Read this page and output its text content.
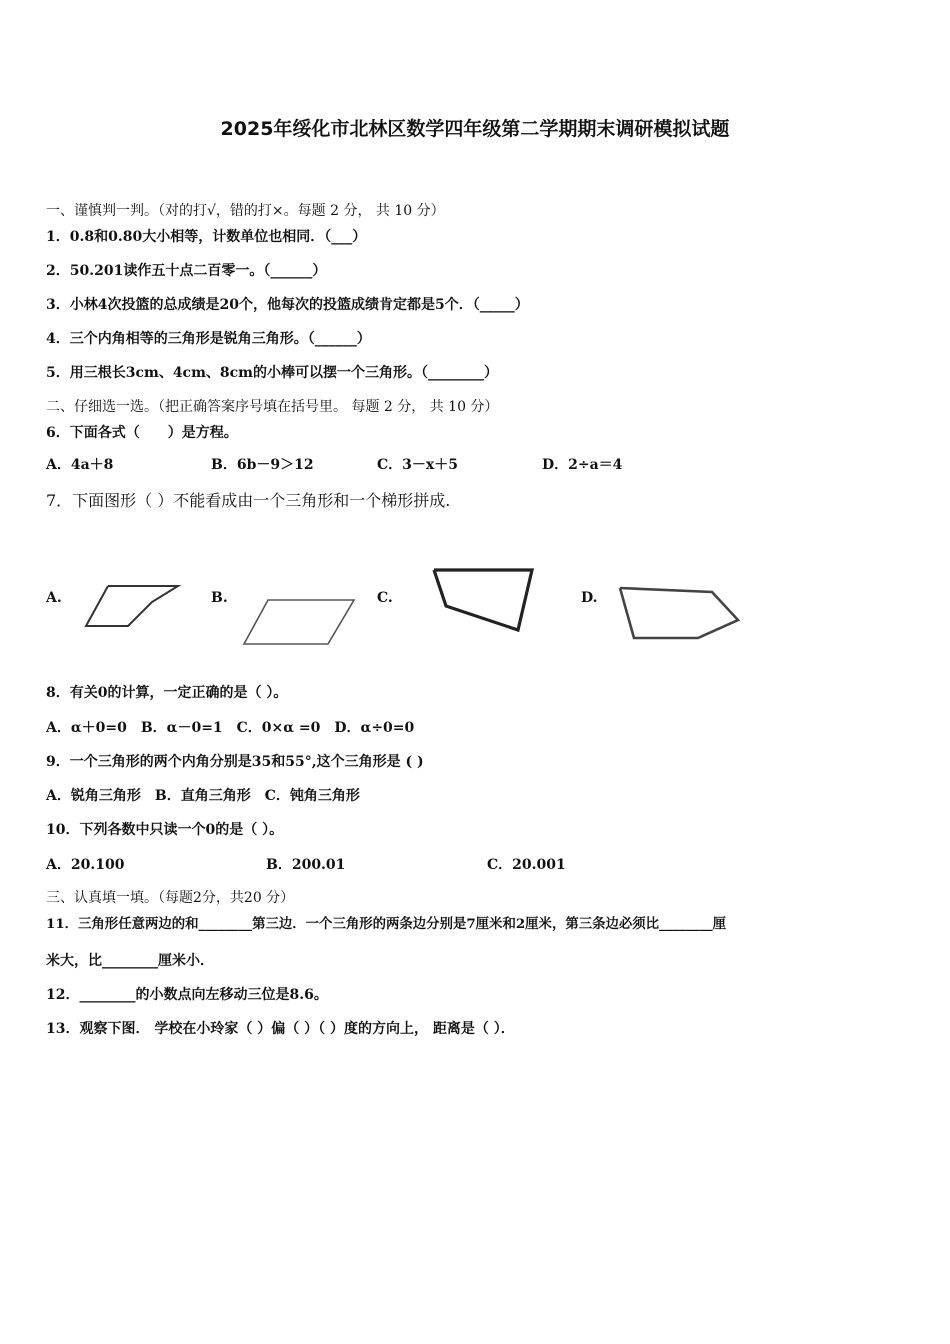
2025年绥化市北林区数学四年级第二学期期末调研模拟试题
一、谨慎判一判。（对的打√，错的打×。每题 2 分， 共 10 分）
1．0.8和0.80大小相等，计数单位也相同．（___）
2．50.201读作五十点二百零一。（______）
3．小林4次投篮的总成绩是20个，他每次的投篮成绩肯定都是5个．（_____）
4．三个内角相等的三角形是锐角三角形。（______）
5．用三根长3cm、4cm、8cm的小棒可以摆一个三角形。（________）
二、仔细选一选。（把正确答案序号填在括号里。 每题 2 分， 共 10 分）
6．下面各式（　　）是方程。
A．4a＋8	B．6b－9＞12	C．3－x＋5	D．2÷a＝4
7．下面图形（ ）不能看成由一个三角形和一个梯形拼成.
A.	B.	C.	D.
8．有关0的计算，一定正确的是（ ）。
A．α＋0=0　B．α－0=1　C．0×α =0　D．α÷0=0
9．一个三角形的两个内角分别是35和55°,这个三角形是 ( )
A．锐角三角形　B．直角三角形　C．钝角三角形
10．下列各数中只读一个0的是（ ）。
A．20.100	B．200.01	C．20.001
三、认真填一填。（每题2分，共20 分）
11．三角形任意两边的和________第三边．一个三角形的两条边分别是7厘米和2厘米，第三条边必须比________厘
米大，比________厘米小．
12．________的小数点向左移动三位是8.6。
13．观察下图． 学校在小玲家（ ）偏（ ）（ ）度的方向上， 距离是（ ）．
